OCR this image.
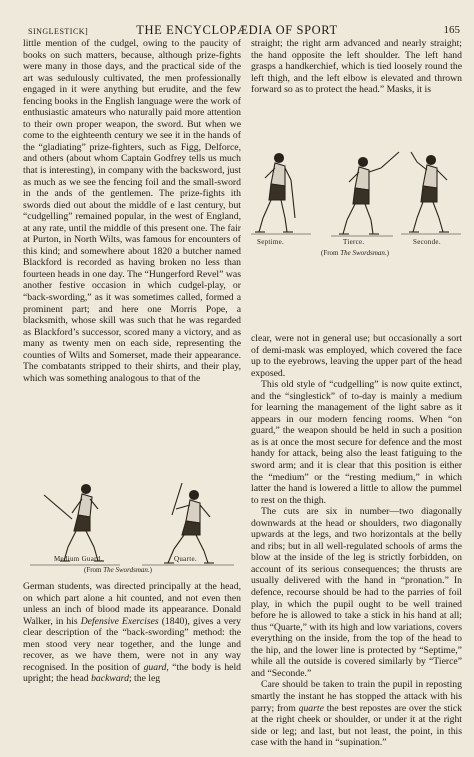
SINGLESTICK]	THE ENCYCLOPÆDIA OF SPORT	165

little mention of the cudgel, owing to the paucity of books on such matters, because, although prize-fights were many in those days, and the practical side of the art was sedulously cultivated, the men professionally engaged in it were anything but erudite, and the few fencing books in the English language were the work of enthusiastic amateurs who naturally paid more attention to their own proper weapon, the sword. But when we come to the eighteenth century we see it in the hands of the “gladiating” prize-fighters, such as Figg, Delforce, and others (about whom Captain Godfrey tells us much that is interesting), in company with the backsword, just as much as we see the fencing foil and the small-sword in the ands of the gentlemen. The prize-fights ith swords died out about the middle of e last century, but “cudgelling” remained popular, in the west of England, at any rate, until the middle of this present one. The fair at Purton, in North Wilts, was famous for encounters of this kind; and somewhere about 1820 a butcher named Blackford is recorded as having broken no less than fourteen heads in one day. The “Hungerford Revel” was another festive occasion in which cudgel-play, or “back-swording,” as it was sometimes called, formed a prominent part; and here one Morris Pope, a blacksmith, whose skill was such that he was regarded as Blackford’s successor, scored many a victory, and as many as twenty men on each side, representing the counties of Wilts and Somerset, made their appearance. The combatants stripped to their shirts, and their play, which was something analogous to that of the

Medium Guard.	Quarte.
(From The Swordsman.)

German students, was directed principally at the head, on which part alone a hit counted, and not even then unless an inch of blood made its appearance. Donald Walker, in his Defensive Exercises (1840), gives a very clear description of the “back-swording” method: the men stood very near together, and the lunge and recover, as we have them, were not in any way recognised. In the position of guard, “the body is held upright; the head backward; the leg

straight; the right arm advanced and nearly straight; the hand opposite the left shoulder. The left hand grasps a handkerchief, which is tied loosely round the left thigh, and the left elbow is elevated and thrown forward so as to protect the head.” Masks, it is

Septime.	Tierce.	Seconde.
(From The Swordsman.)

clear, were not in general use; but occasionally a sort of demi-mask was employed, which covered the face up to the eyebrows, leaving the upper part of the head exposed.

This old style of “cudgelling” is now quite extinct, and the “singlestick” of to-day is mainly a medium for learning the management of the light sabre as it appears in our modern fencing rooms. When “on guard,” the weapon should be held in such a position as is at once the most secure for defence and the most handy for attack, being also the least fatiguing to the sword arm; and it is clear that this position is either the “medium” or the “resting medium,” in which latter the hand is lowered a little to allow the pummel to rest on the thigh.

The cuts are six in number—two diagonally downwards at the head or shoulders, two diagonally upwards at the legs, and two horizontals at the belly and ribs; but in all well-regulated schools of arms the blow at the inside of the leg is strictly forbidden, on account of its serious consequences; the thrusts are usually delivered with the hand in “pronation.” In defence, recourse should be had to the parries of foil play, in which the pupil ought to be well trained before he is allowed to take a stick in his hand at all; thus “Quarte,” with its high and low variations, covers everything on the inside, from the top of the head to the hip, and the lower line is protected by “Septime,” while all the outside is covered similarly by “Tierce” and “Seconde.”

Care should be taken to train the pupil in reposting smartly the instant he has stopped the attack with his parry; from quarte the best repostes are over the stick at the right cheek or shoulder, or under it at the right side or leg; and last, but not least, the point, in this case with the hand in “supination.”
